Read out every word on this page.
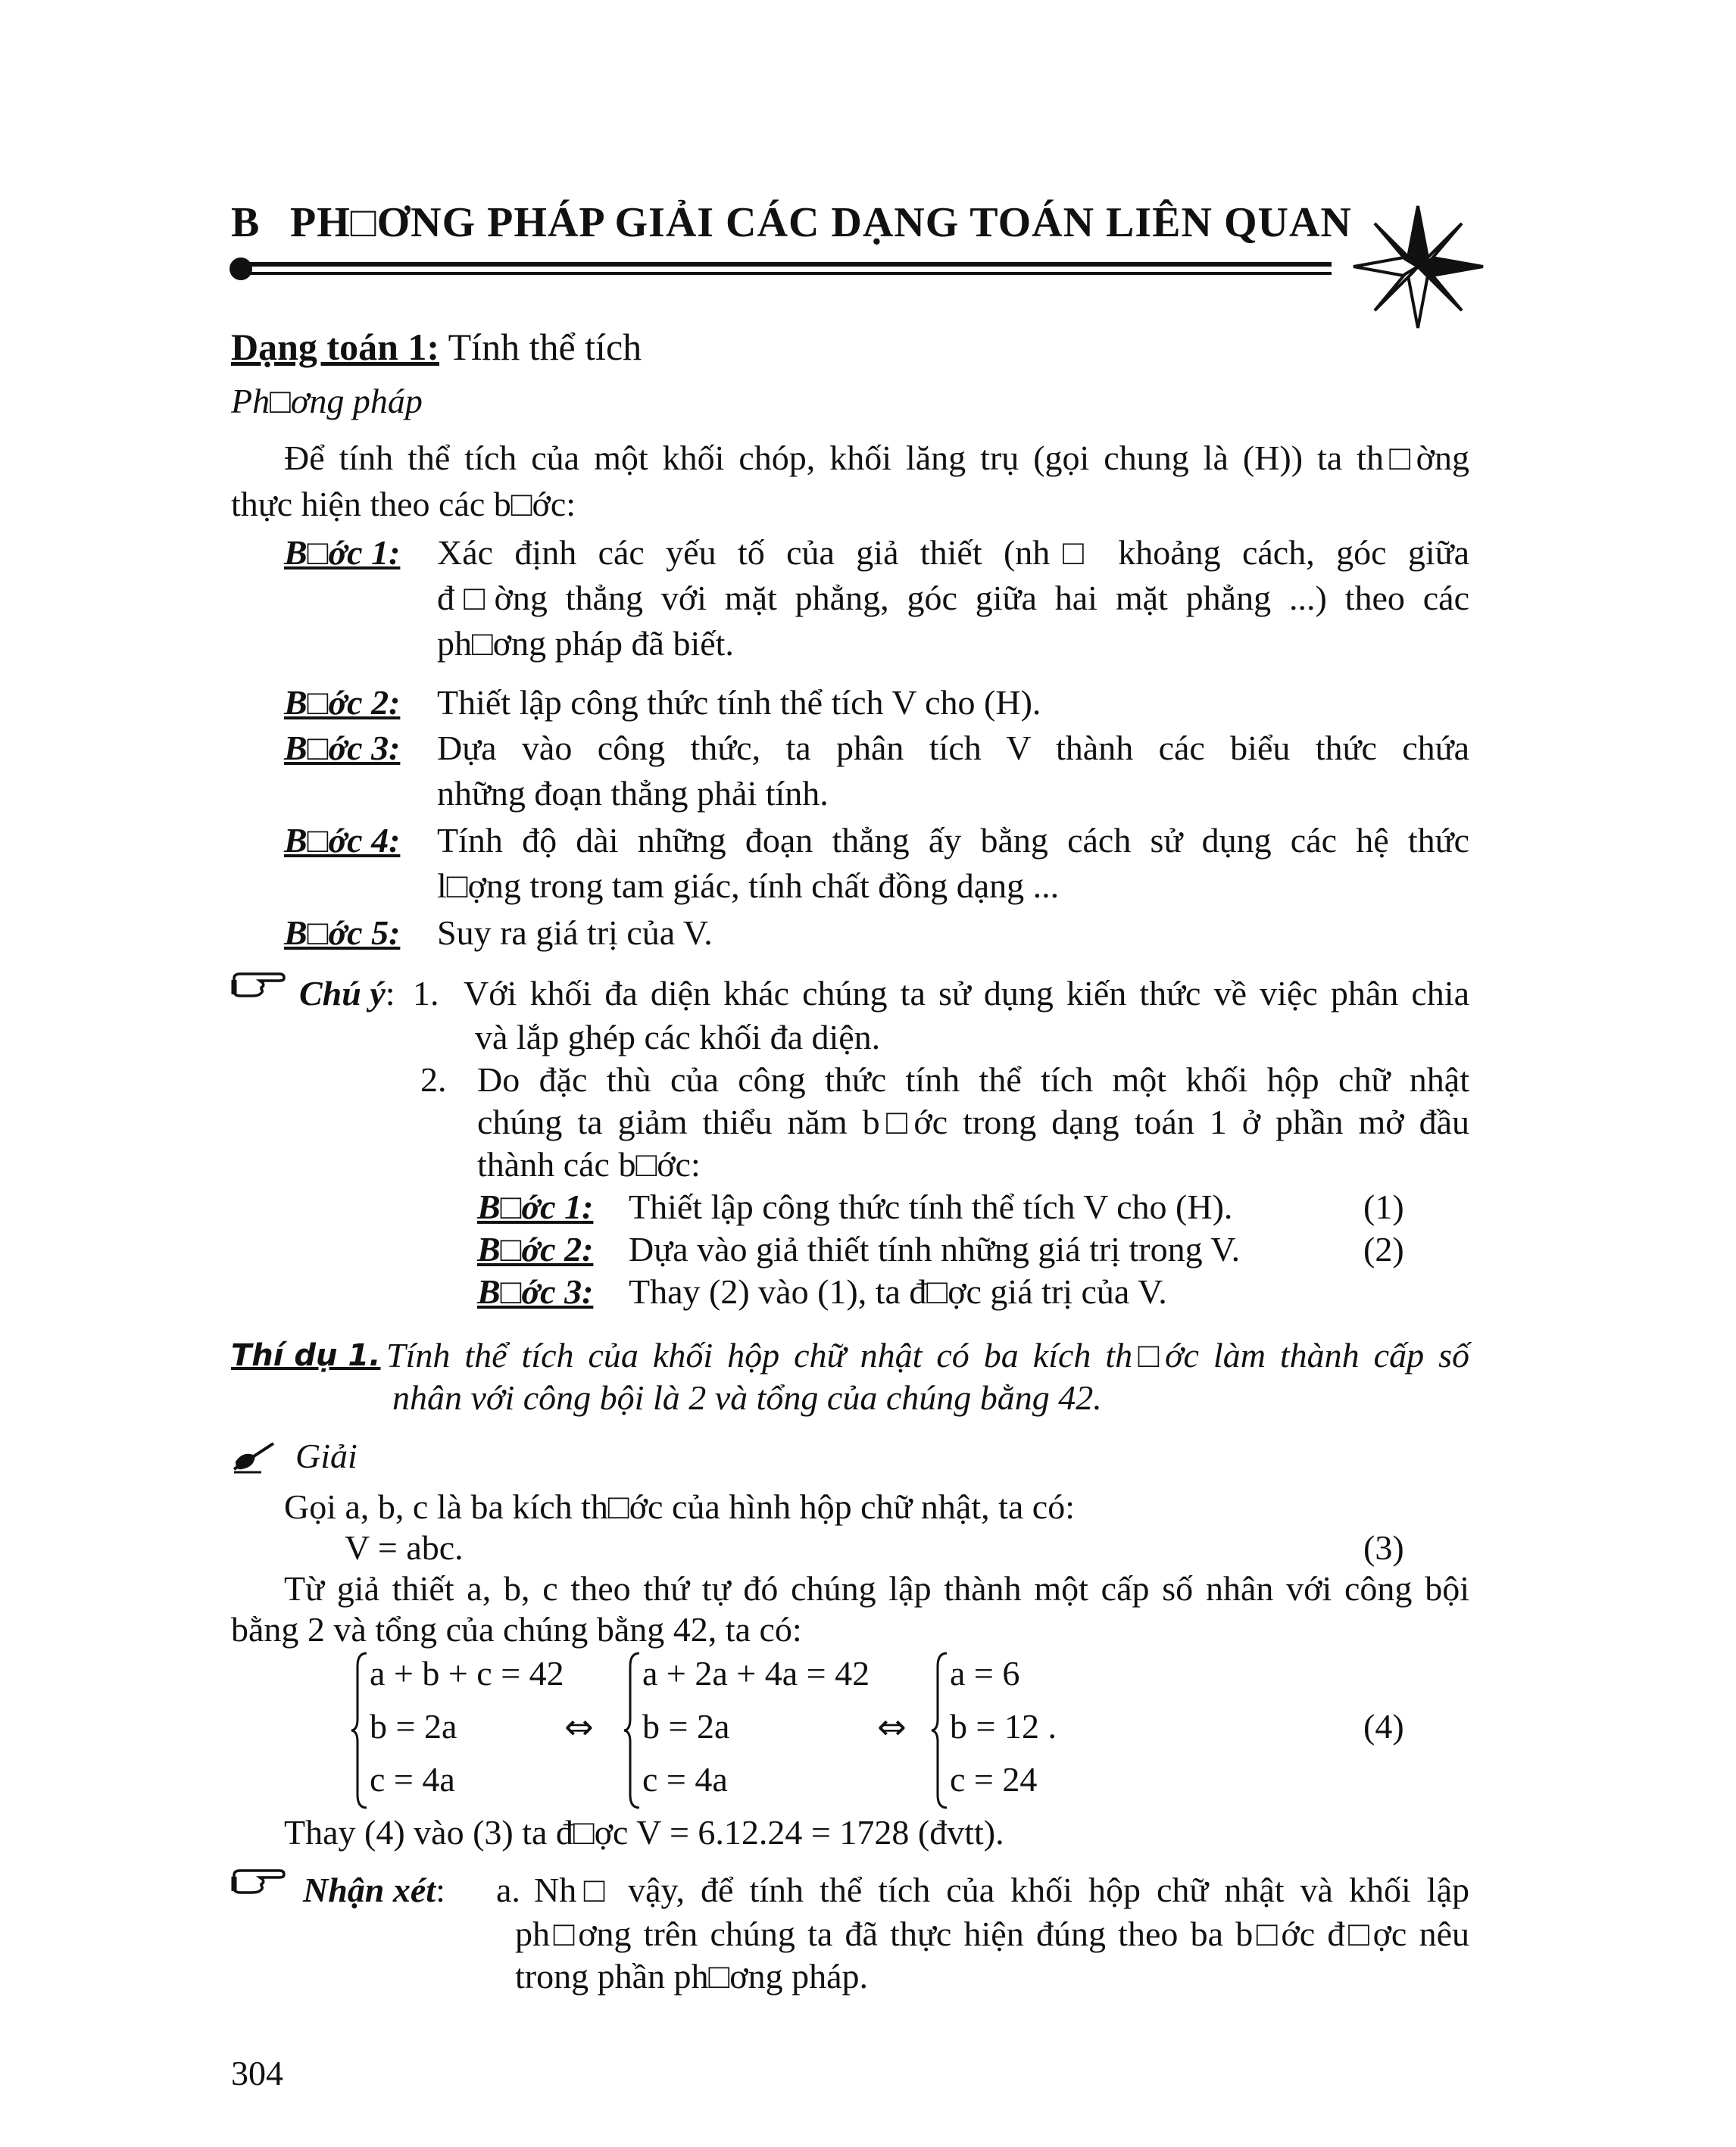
B PH□ƠNG PHÁP GIẢI CÁC DẠNG TOÁN LIÊN QUAN
Dạng toán 1: Tính thể tích
Ph□ơng pháp
Để tính thể tích của một khối chóp, khối lăng trụ (gọi chung là (H)) ta th□ờng
thực hiện theo các b□ớc:
B□ớc 1: Xác định các yếu tố của giả thiết (nh□ khoảng cách, góc giữa
đ□ờng thẳng với mặt phẳng, góc giữa hai mặt phẳng ...) theo các
ph□ơng pháp đã biết.
B□ớc 2: Thiết lập công thức tính thể tích V cho (H).
B□ớc 3: Dựa vào công thức, ta phân tích V thành các biểu thức chứa
những đoạn thẳng phải tính.
B□ớc 4: Tính độ dài những đoạn thẳng ấy bằng cách sử dụng các hệ thức
l□ợng trong tam giác, tính chất đồng dạng ...
B□ớc 5: Suy ra giá trị của V.
Chú ý: 1. Với khối đa diện khác chúng ta sử dụng kiến thức về việc phân chia
và lắp ghép các khối đa diện.
2. Do đặc thù của công thức tính thể tích một khối hộp chữ nhật
chúng ta giảm thiểu năm b□ớc trong dạng toán 1 ở phần mở đầu
thành các b□ớc:
B□ớc 1: Thiết lập công thức tính thể tích V cho (H).	(1)
B□ớc 2: Dựa vào giả thiết tính những giá trị trong V.	(2)
B□ớc 3: Thay (2) vào (1), ta đ□ợc giá trị của V.
Thí dụ 1. Tính thể tích của khối hộp chữ nhật có ba kích th□ớc làm thành cấp số
nhân với công bội là 2 và tổng của chúng bằng 42.
Giải
Gọi a, b, c là ba kích th□ớc của hình hộp chữ nhật, ta có:
V = abc.	(3)
Từ giả thiết a, b, c theo thứ tự đó chúng lập thành một cấp số nhân với công bội
bằng 2 và tổng của chúng bằng 42, ta có:
a + b + c = 42
b = 2a
c = 4a
⇔
a + 2a + 4a = 42
b = 2a
c = 4a
⇔
a = 6
b = 12 .
c = 24
(4)
Thay (4) vào (3) ta đ□ợc V = 6.12.24 = 1728 (đvtt).
Nhận xét: a. Nh□ vậy, để tính thể tích của khối hộp chữ nhật và khối lập
ph□ơng trên chúng ta đã thực hiện đúng theo ba b□ớc đ□ợc nêu
trong phần ph□ơng pháp.
304
